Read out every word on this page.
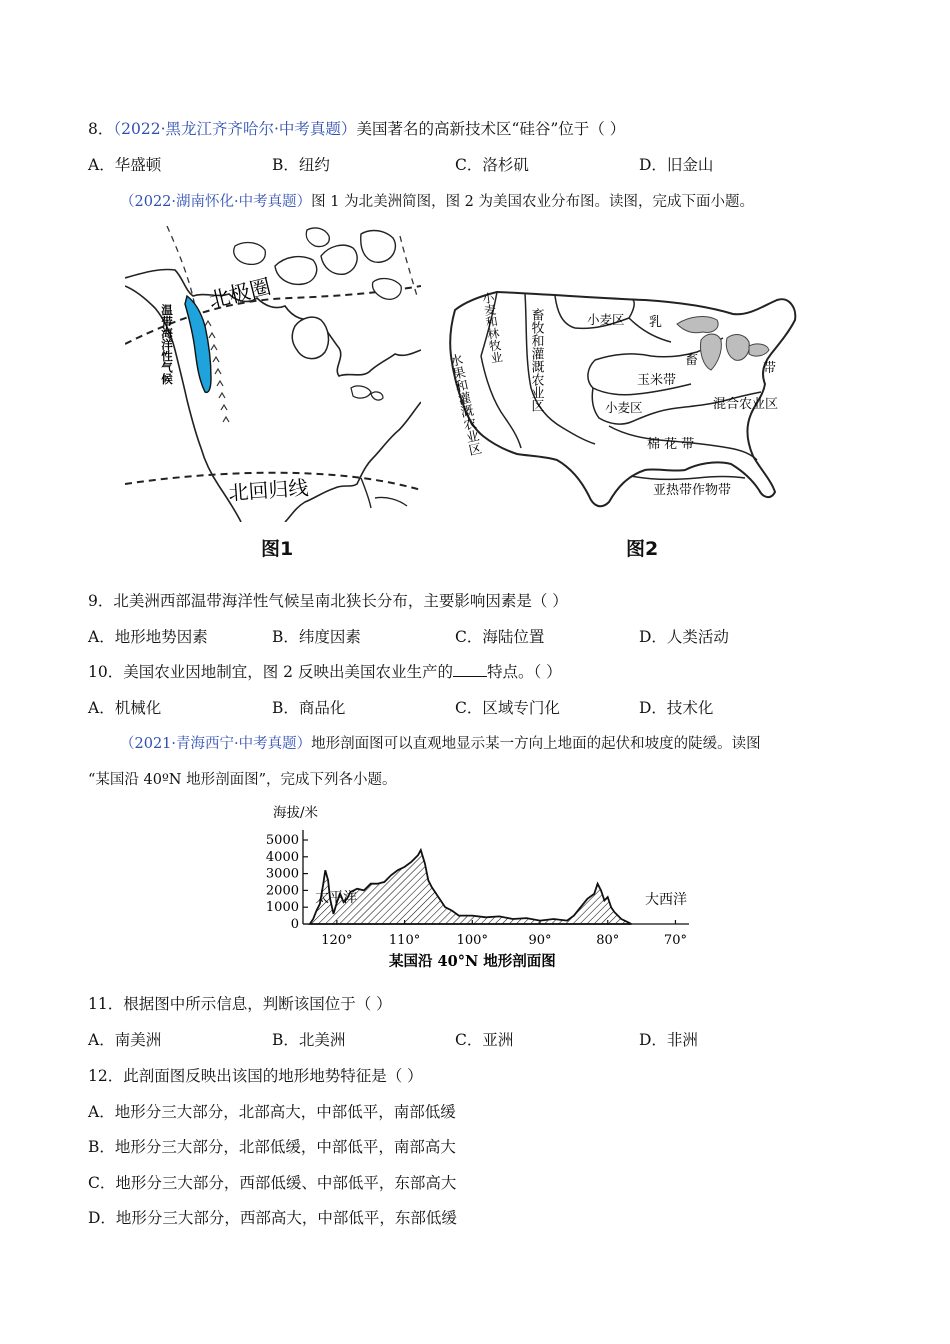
8．（2022·黑龙江齐齐哈尔·中考真题）美国著名的高新技术区“硅谷”位于（ ）
A．华盛顿	B．纽约	C．洛杉矶	D．旧金山
（2022·湖南怀化·中考真题）图 1 为北美洲简图，图 2 为美国农业分布图。读图，完成下面小题。
北极圈
北回归线
温带海洋性气候
图1
小麦和林牧业 畜牧和灌溉农业区
水果和灌溉农业区
小麦区 乳
畜
带
玉米带
小麦区	混合农业区
棉 花 带
亚热带作物带
图2
9．北美洲西部温带海洋性气候呈南北狭长分布，主要影响因素是（ ）
A．地形地势因素	B．纬度因素	C．海陆位置	D．人类活动
10．美国农业因地制宜，图 2 反映出美国农业生产的 特点。（ ）
A．机械化	B．商品化	C．区域专门化	D．技术化
（2021·青海西宁·中考真题）地形剖面图可以直观地显示某一方向上地面的起伏和坡度的陡缓。读图
“某国沿 40ºN 地形剖面图”，完成下列各小题。
海拔/米
5000
4000
3000
2000
1000
0
120°	110°	100°	90°	80°	70°
太平洋	大西洋
某国沿 40°N 地形剖面图
11．根据图中所示信息，判断该国位于（ ）
A．南美洲	B．北美洲	C．亚洲	D．非洲
12．此剖面图反映出该国的地形地势特征是（ ）
A．地形分三大部分，北部高大，中部低平，南部低缓
B．地形分三大部分，北部低缓，中部低平，南部高大
C．地形分三大部分，西部低缓、中部低平，东部高大
D．地形分三大部分，西部高大，中部低平，东部低缓
